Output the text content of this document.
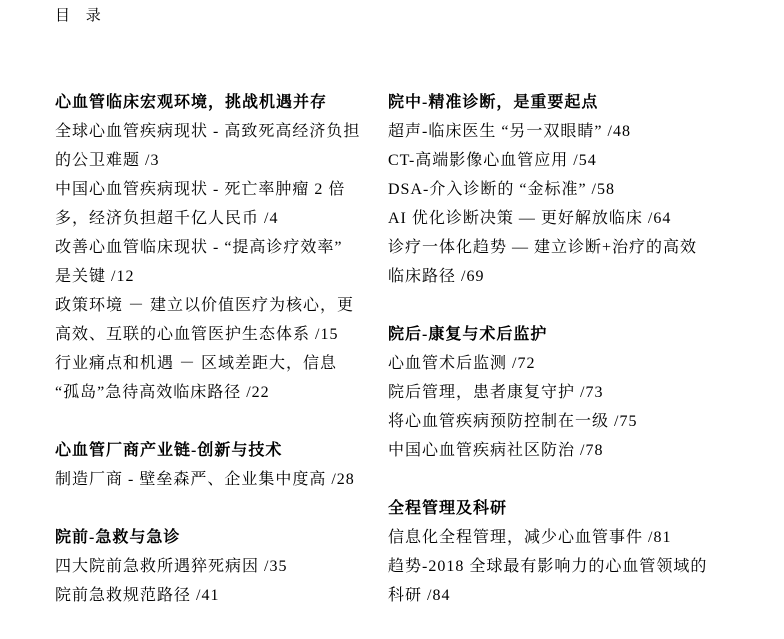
目 录
心血管临床宏观环境，挑战机遇并存
全球心血管疾病现状 - 高致死高经济负担
的公卫难题 /3
中国心血管疾病现状 - 死亡率肿瘤 2 倍
多，经济负担超千亿人民币 /4
改善心血管临床现状 - “提高诊疗效率”
是关键 /12
政策环境 － 建立以价值医疗为核心，更
高效、互联的心血管医护生态体系 /15
行业痛点和机遇 － 区域差距大，信息
“孤岛”急待高效临床路径 /22
心血管厂商产业链-创新与技术
制造厂商 - 壁垒森严、企业集中度高 /28
院前-急救与急诊
四大院前急救所遇猝死病因 /35
院前急救规范路径 /41
院中-精准诊断，是重要起点
超声-临床医生 “另一双眼睛” /48
CT-高端影像心血管应用 /54
DSA-介入诊断的 “金标准” /58
AI 优化诊断决策 — 更好解放临床 /64
诊疗一体化趋势 — 建立诊断+治疗的高效
临床路径 /69
院后-康复与术后监护
心血管术后监测 /72
院后管理，患者康复守护 /73
将心血管疾病预防控制在一级 /75
中国心血管疾病社区防治 /78
全程管理及科研
信息化全程管理，减少心血管事件 /81
趋势-2018 全球最有影响力的心血管领域的
科研 /84
